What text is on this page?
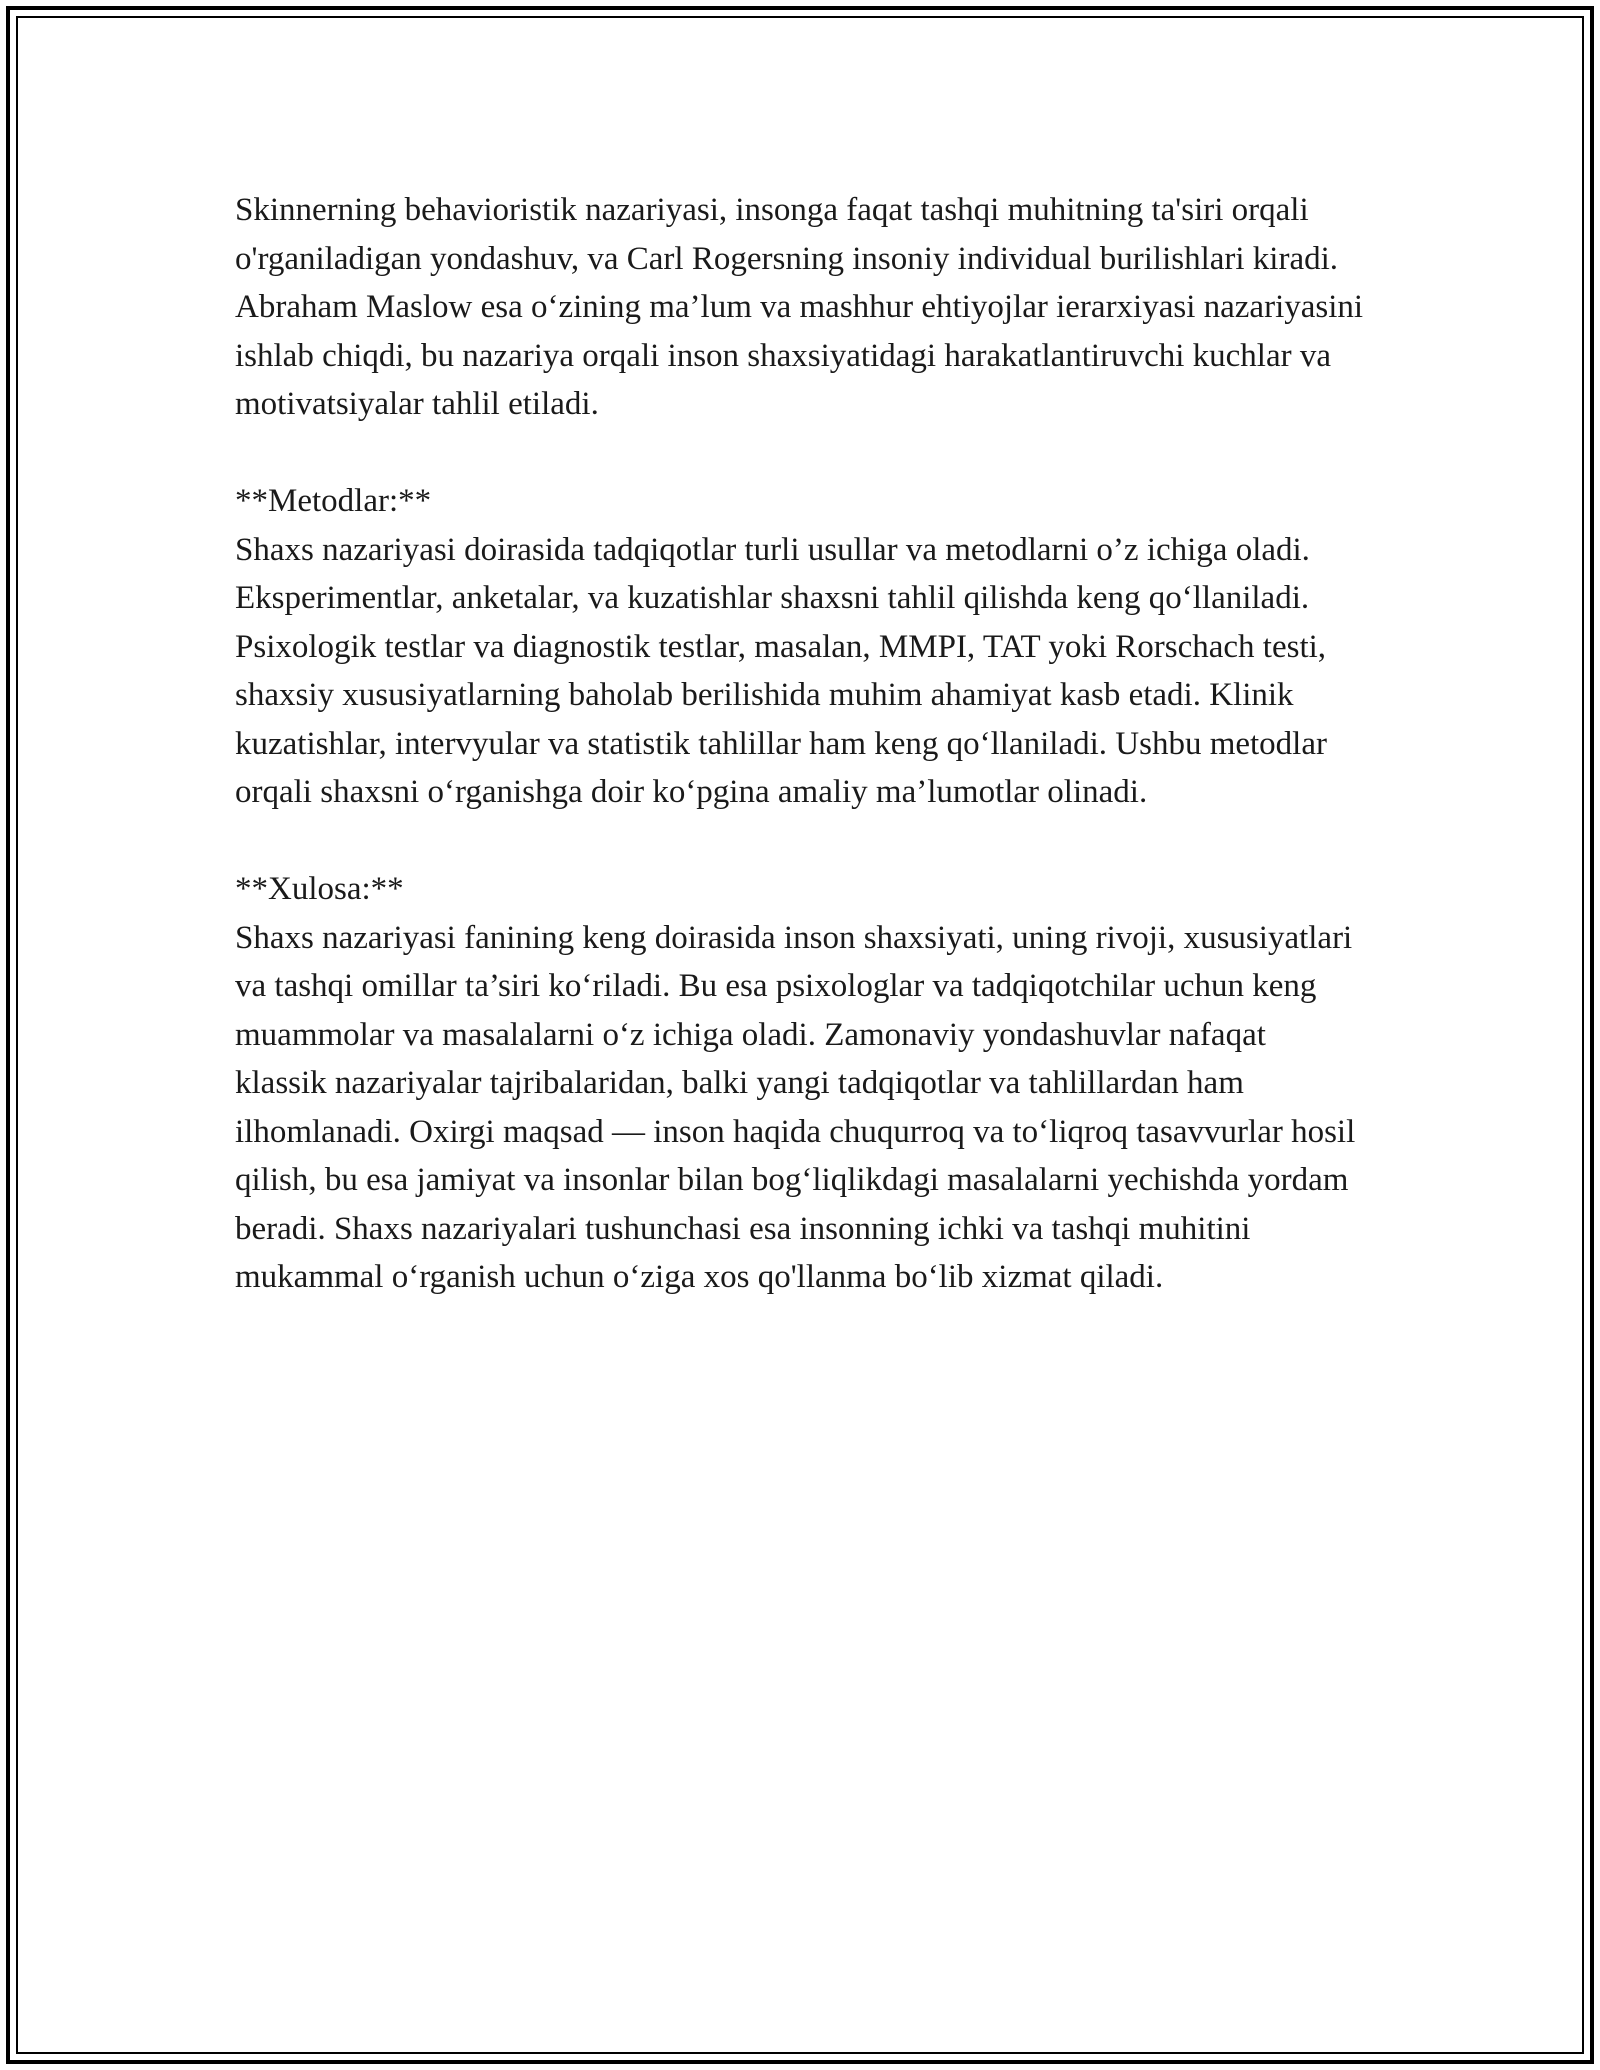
Skinnerning behavioristik nazariyasi, insonga faqat tashqi muhitning ta'siri orqali o'rganiladigan yondashuv, va Carl Rogersning insoniy individual burilishlari kiradi. Abraham Maslow esa o‘zining ma’lum va mashhur ehtiyojlar ierarxiyasi nazariyasini ishlab chiqdi, bu nazariya orqali inson shaxsiyatidagi harakatlantiruvchi kuchlar va motivatsiyalar tahlil etiladi.

**Metodlar:**

Shaxs nazariyasi doirasida tadqiqotlar turli usullar va metodlarni o’z ichiga oladi. Eksperimentlar, anketalar, va kuzatishlar shaxsni tahlil qilishda keng qo‘llaniladi. Psixologik testlar va diagnostik testlar, masalan, MMPI, TAT yoki Rorschach testi, shaxsiy xususiyatlarning baholab berilishida muhim ahamiyat kasb etadi. Klinik kuzatishlar, intervyular va statistik tahlillar ham keng qo‘llaniladi. Ushbu metodlar orqali shaxsni o‘rganishga doir ko‘pgina amaliy ma’lumotlar olinadi.

**Xulosa:**

Shaxs nazariyasi fanining keng doirasida inson shaxsiyati, uning rivoji, xususiyatlari va tashqi omillar ta’siri ko‘riladi. Bu esa psixologlar va tadqiqotchilar uchun keng muammolar va masalalarni o‘z ichiga oladi. Zamonaviy yondashuvlar nafaqat klassik nazariyalar tajribalaridan, balki yangi tadqiqotlar va tahlillardan ham ilhomlanadi. Oxirgi maqsad — inson haqida chuqurroq va to‘liqroq tasavvurlar hosil qilish, bu esa jamiyat va insonlar bilan bog‘liqlikdagi masalalarni yechishda yordam beradi. Shaxs nazariyalari tushunchasi esa insonning ichki va tashqi muhitini mukammal o‘rganish uchun o‘ziga xos qo'llanma bo‘lib xizmat qiladi.
